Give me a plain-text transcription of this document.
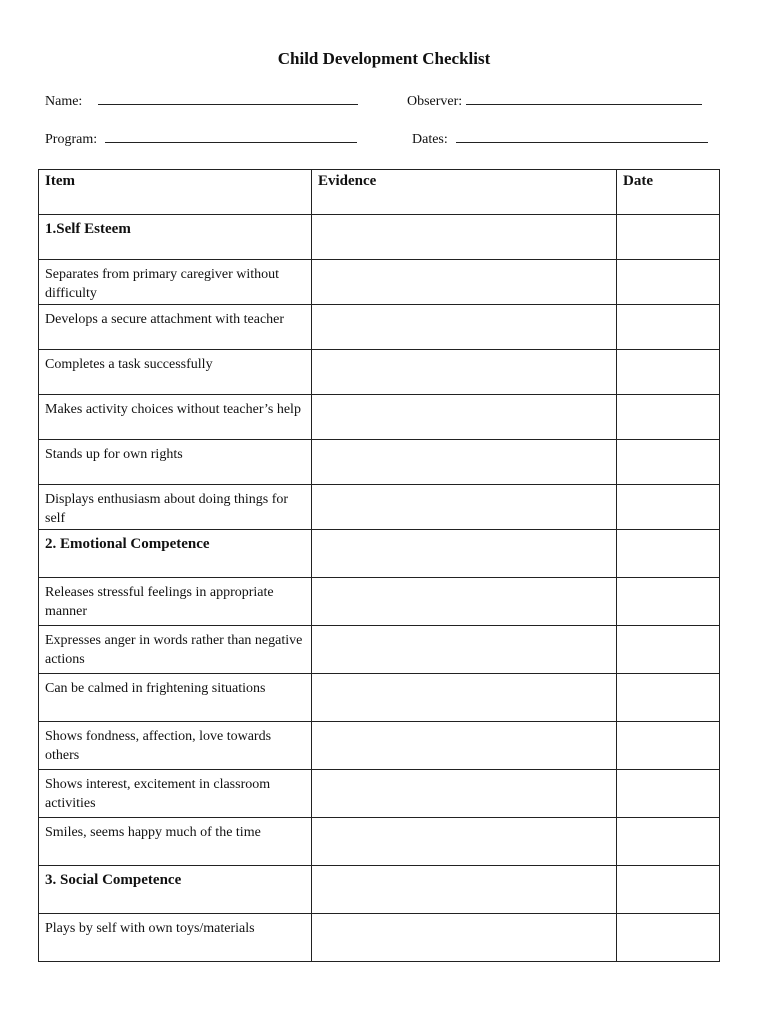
Child Development Checklist
Name:	Observer:
Program:	Dates:
Item	Evidence	Date
1.Self Esteem		
Separates from primary caregiver without difficulty		
Develops a secure attachment with teacher		
Completes a task successfully		
Makes activity choices without teacher’s help		
Stands up for own rights		
Displays enthusiasm about doing things for self		
2. Emotional Competence		
Releases stressful feelings in appropriate manner		
Expresses anger in words rather than negative actions		
Can be calmed in frightening situations		
Shows fondness, affection, love towards others		
Shows interest, excitement in classroom activities		
Smiles, seems happy much of the time		
3. Social Competence		
Plays by self with own toys/materials		
